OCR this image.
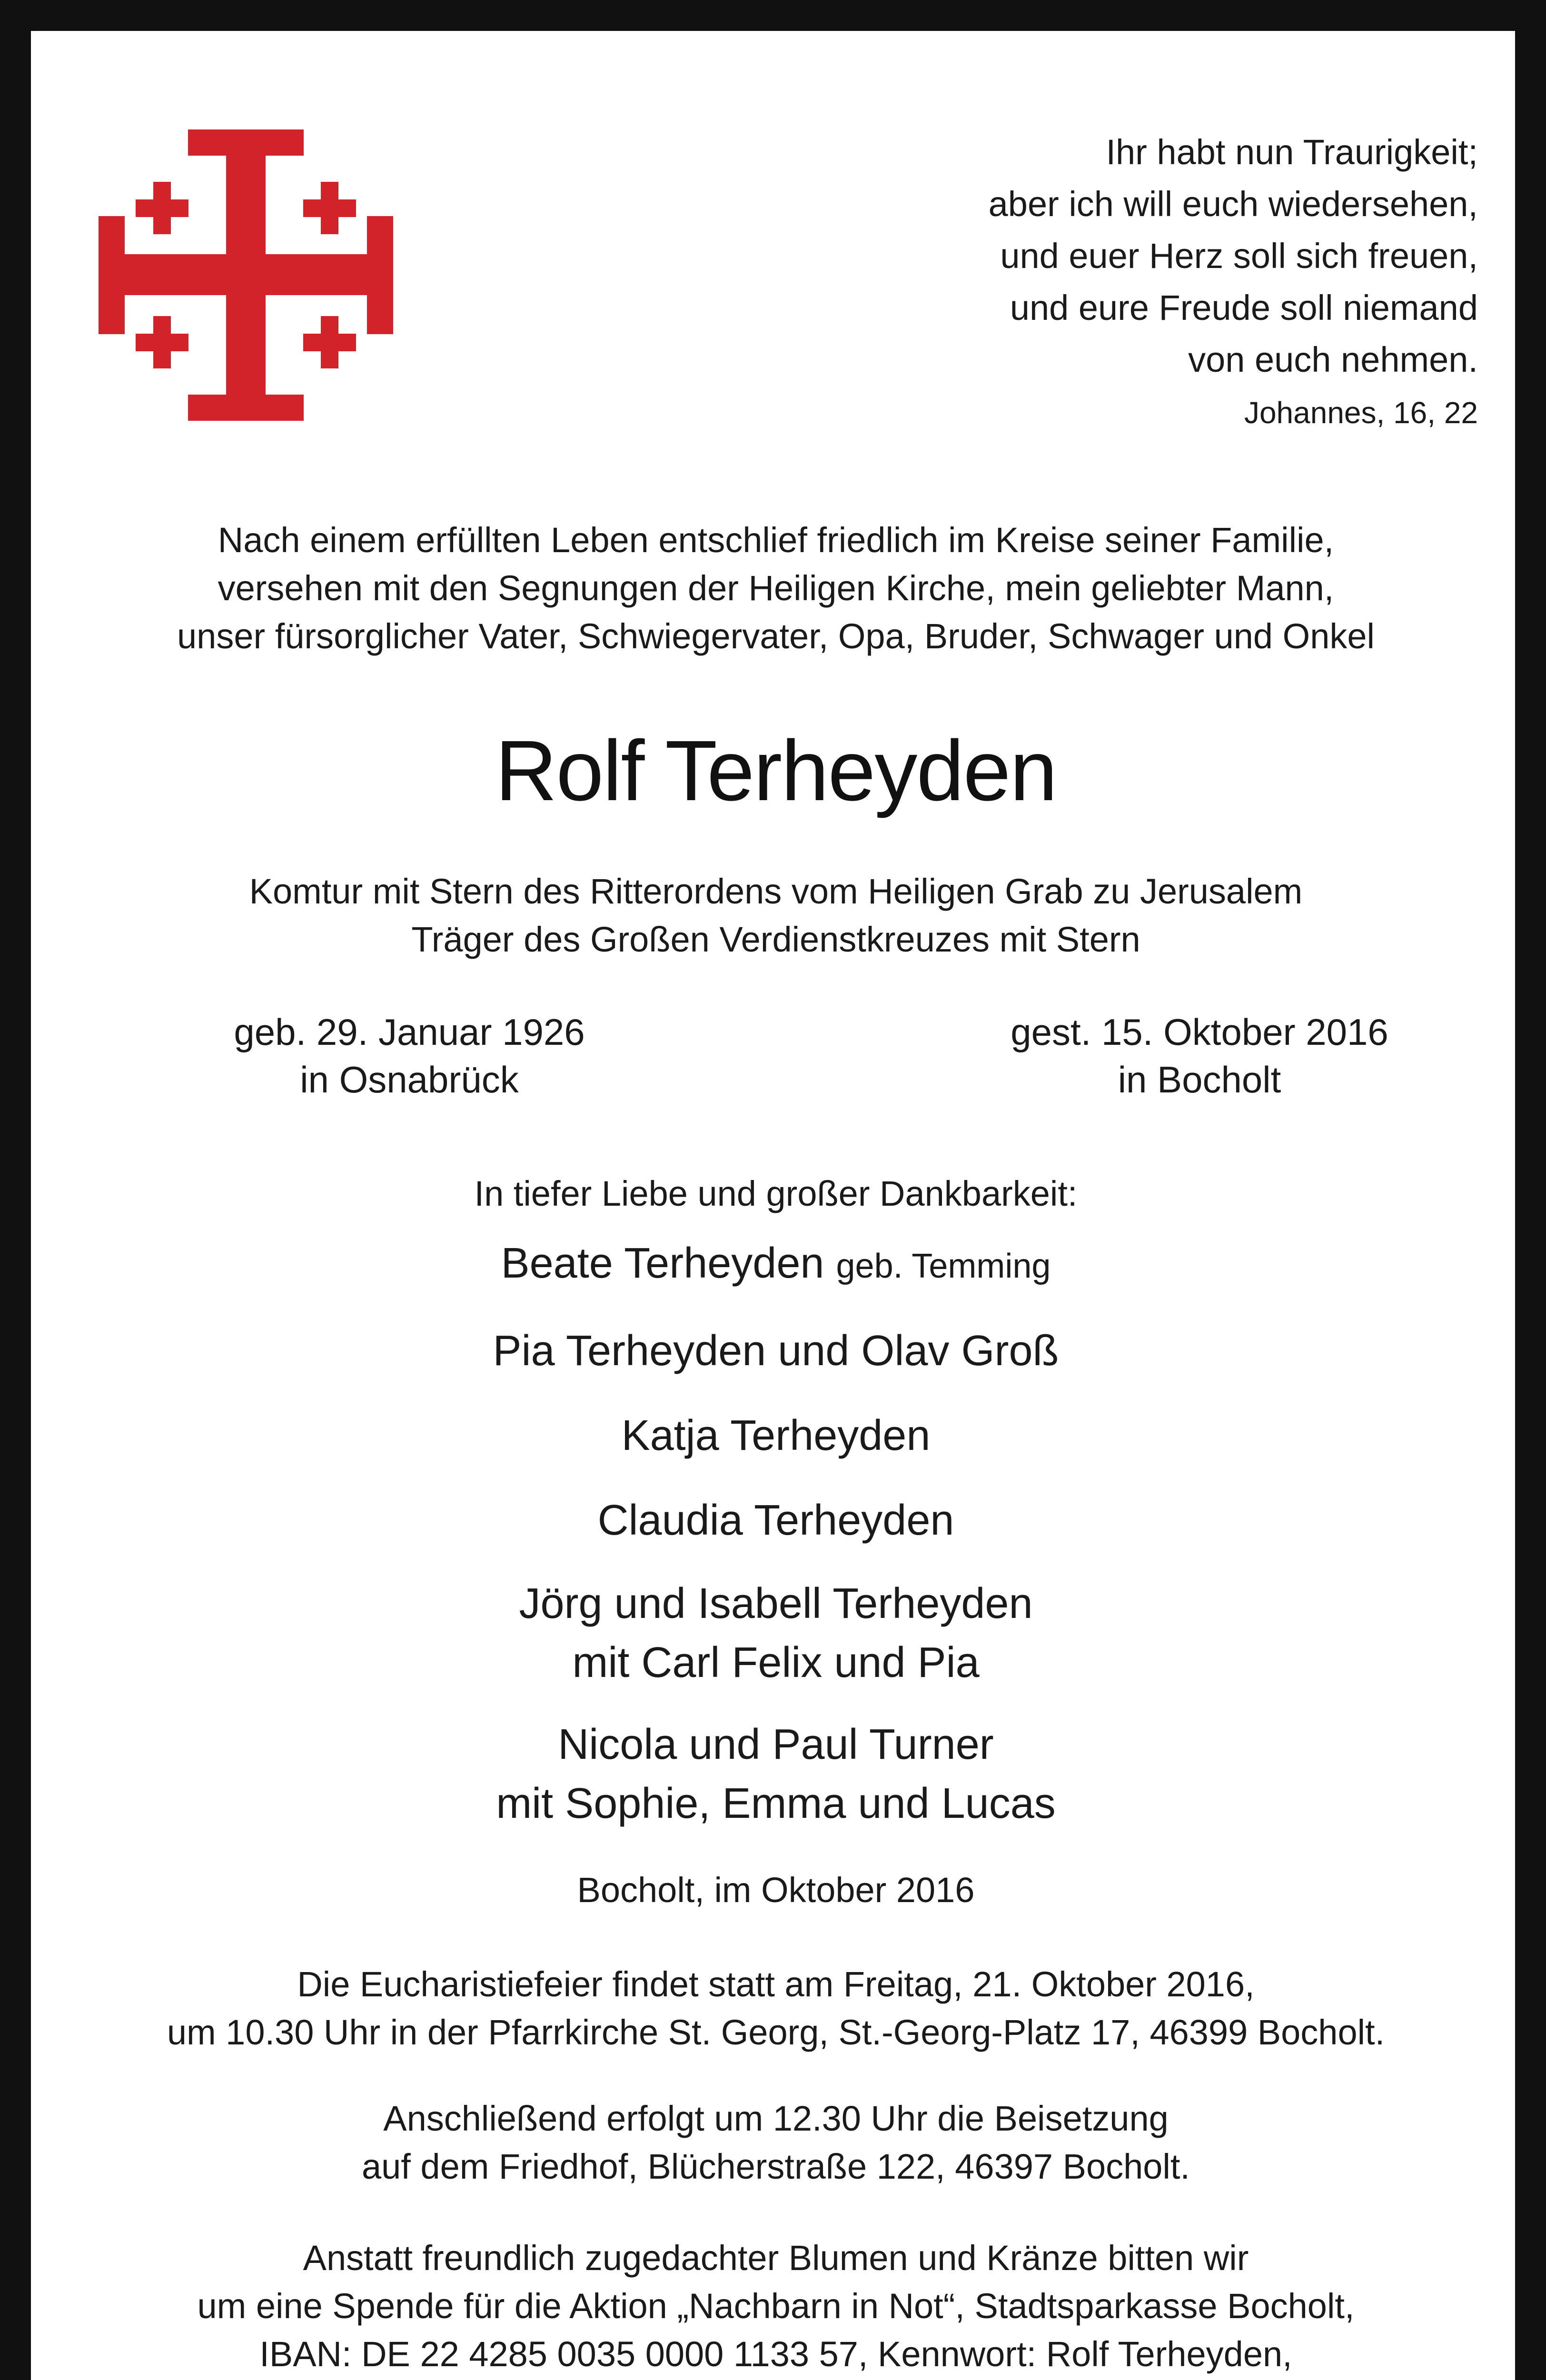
Ihr habt nun Traurigkeit;
aber ich will euch wiedersehen,
und euer Herz soll sich freuen,
und eure Freude soll niemand
von euch nehmen.
Johannes, 16, 22
Nach einem erfüllten Leben entschlief friedlich im Kreise seiner Familie,
versehen mit den Segnungen der Heiligen Kirche, mein geliebter Mann,
unser fürsorglicher Vater, Schwiegervater, Opa, Bruder, Schwager und Onkel
Rolf Terheyden
Komtur mit Stern des Ritterordens vom Heiligen Grab zu Jerusalem
Träger des Großen Verdienstkreuzes mit Stern
geb. 29. Januar 1926
in Osnabrück
gest. 15. Oktober 2016
in Bocholt
In tiefer Liebe und großer Dankbarkeit:
Beate Terheyden geb. Temming
Pia Terheyden und Olav Groß
Katja Terheyden
Claudia Terheyden
Jörg und Isabell Terheyden
mit Carl Felix und Pia
Nicola und Paul Turner
mit Sophie, Emma und Lucas
Bocholt, im Oktober 2016
Die Eucharistiefeier findet statt am Freitag, 21. Oktober 2016,
um 10.30 Uhr in der Pfarrkirche St. Georg, St.-Georg-Platz 17, 46399 Bocholt.
Anschließend erfolgt um 12.30 Uhr die Beisetzung
auf dem Friedhof, Blücherstraße 122, 46397 Bocholt.
Anstatt freundlich zugedachter Blumen und Kränze bitten wir
um eine Spende für die Aktion „Nachbarn in Not“, Stadtsparkasse Bocholt,
IBAN: DE 22 4285 0035 0000 1133 57, Kennwort: Rolf Terheyden,
